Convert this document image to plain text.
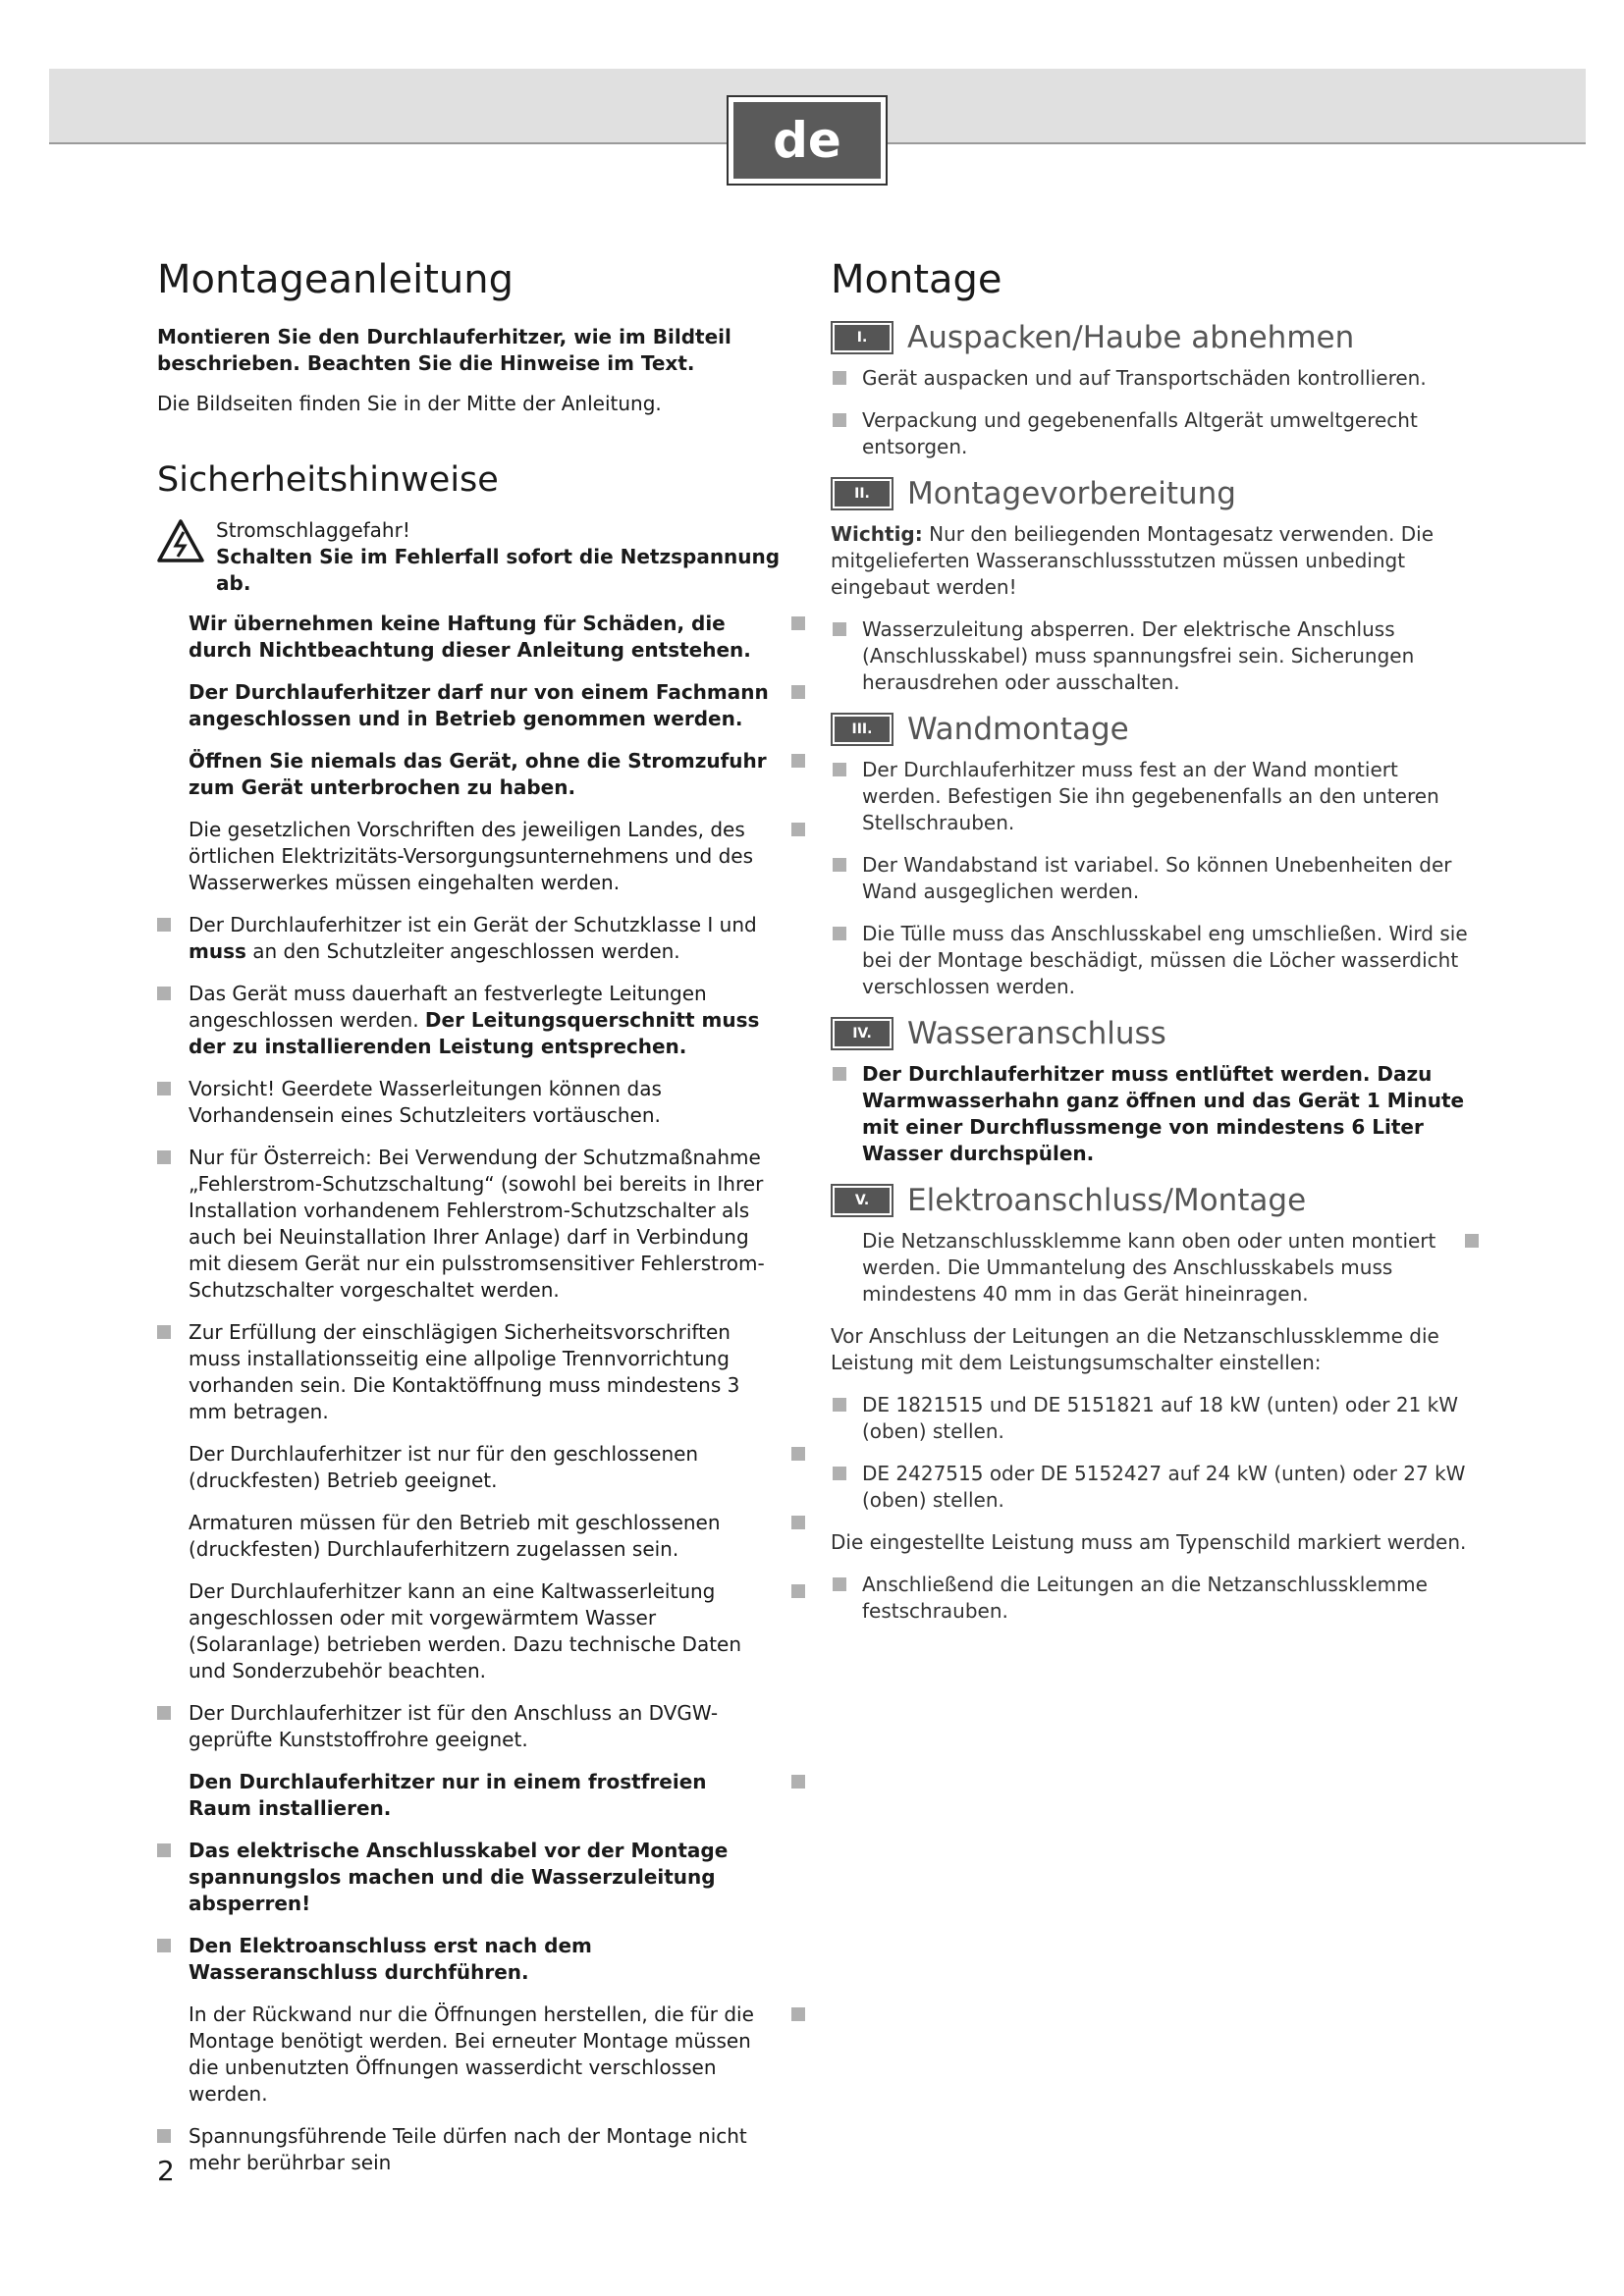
de
Montageanleitung

Montieren Sie den Durchlauferhitzer, wie im Bildteil beschrieben. Beachten Sie die Hinweise im Text.

Die Bildseiten finden Sie in der Mitte der Anleitung.

Sicherheitshinweise
Stromschlaggefahr!
Schalten Sie im Fehlerfall sofort die Netzspannung ab.
Wir übernehmen keine Haftung für Schäden, die durch Nichtbeachtung dieser Anleitung entstehen.
Der Durchlauferhitzer darf nur von einem Fachmann angeschlossen und in Betrieb genommen werden.
Öffnen Sie niemals das Gerät, ohne die Stromzufuhr zum Gerät unterbrochen zu haben.
Die gesetzlichen Vorschriften des jeweiligen Landes, des örtlichen Elektrizitäts-Versorgungsunternehmens und des Wasserwerkes müssen eingehalten werden.
Der Durchlauferhitzer ist ein Gerät der Schutzklasse I und muss an den Schutzleiter angeschlossen werden.
Das Gerät muss dauerhaft an festverlegte Leitungen angeschlossen werden. Der Leitungsquerschnitt muss der zu installierenden Leistung entsprechen.
Vorsicht! Geerdete Wasserleitungen können das Vorhandensein eines Schutzleiters vortäuschen.
Nur für Österreich: Bei Verwendung der Schutzmaßnahme „Fehlerstrom-Schutzschaltung“ (sowohl bei bereits in Ihrer Installation vorhandenem Fehlerstrom-Schutzschalter als auch bei Neuinstallation Ihrer Anlage) darf in Verbindung mit diesem Gerät nur ein pulsstromsensitiver Fehlerstrom-Schutzschalter vorgeschaltet werden.
Zur Erfüllung der einschlägigen Sicherheitsvorschriften muss installationsseitig eine allpolige Trennvorrichtung vorhanden sein. Die Kontaktöffnung muss mindestens 3 mm betragen.
Der Durchlauferhitzer ist nur für den geschlossenen (druckfesten) Betrieb geeignet.
Armaturen müssen für den Betrieb mit geschlossenen (druckfesten) Durchlauferhitzern zugelassen sein.
Der Durchlauferhitzer kann an eine Kaltwasserleitung angeschlossen oder mit vorgewärmtem Wasser (Solaranlage) betrieben werden. Dazu technische Daten und Sonderzubehör beachten.
Der Durchlauferhitzer ist für den Anschluss an DVGW-geprüfte Kunststoffrohre geeignet.
Den Durchlauferhitzer nur in einem frostfreien Raum installieren.
Das elektrische Anschlusskabel vor der Montage spannungslos machen und die Wasserzuleitung absperren!
Den Elektroanschluss erst nach dem Wasseranschluss durchführen.
In der Rückwand nur die Öffnungen herstellen, die für die Montage benötigt werden. Bei erneuter Montage müssen die unbenutzten Öffnungen wasserdicht verschlossen werden.
Spannungsführende Teile dürfen nach der Montage nicht mehr berührbar sein
Montage
I.	Auspacken/Haube abnehmen
Gerät auspacken und auf Transportschäden kontrollieren.
Verpackung und gegebenenfalls Altgerät umweltgerecht entsorgen.
II.	Montagevorbereitung

Wichtig: Nur den beiliegenden Montagesatz verwenden. Die mitgelieferten Wasseranschlussstutzen müssen unbedingt eingebaut werden!

Wasserzuleitung absperren. Der elektrische Anschluss (Anschlusskabel) muss spannungsfrei sein. Sicherungen herausdrehen oder ausschalten.
III.	Wandmontage
Der Durchlauferhitzer muss fest an der Wand montiert werden. Befestigen Sie ihn gegebenenfalls an den unteren Stellschrauben.
Der Wandabstand ist variabel. So können Unebenheiten der Wand ausgeglichen werden.
Die Tülle muss das Anschlusskabel eng umschließen. Wird sie bei der Montage beschädigt, müssen die Löcher wasserdicht verschlossen werden.
IV.	Wasseranschluss
Der Durchlauferhitzer muss entlüftet werden. Dazu Warmwasserhahn ganz öffnen und das Gerät 1 Minute mit einer Durchflussmenge von mindestens 6 Liter Wasser durchspülen.
V.	Elektroanschluss/Montage
Die Netzanschlussklemme kann oben oder unten montiert werden. Die Ummantelung des Anschlusskabels muss mindestens 40 mm in das Gerät hineinragen.

Vor Anschluss der Leitungen an die Netzanschlussklemme die Leistung mit dem Leistungsumschalter einstellen:

DE 1821515 und DE 5151821 auf 18 kW (unten) oder 21 kW (oben) stellen.
DE 2427515 oder DE 5152427 auf 24 kW (unten) oder 27 kW (oben) stellen.

Die eingestellte Leistung muss am Typenschild markiert werden.

Anschließend die Leitungen an die Netzanschlussklemme festschrauben.
2
